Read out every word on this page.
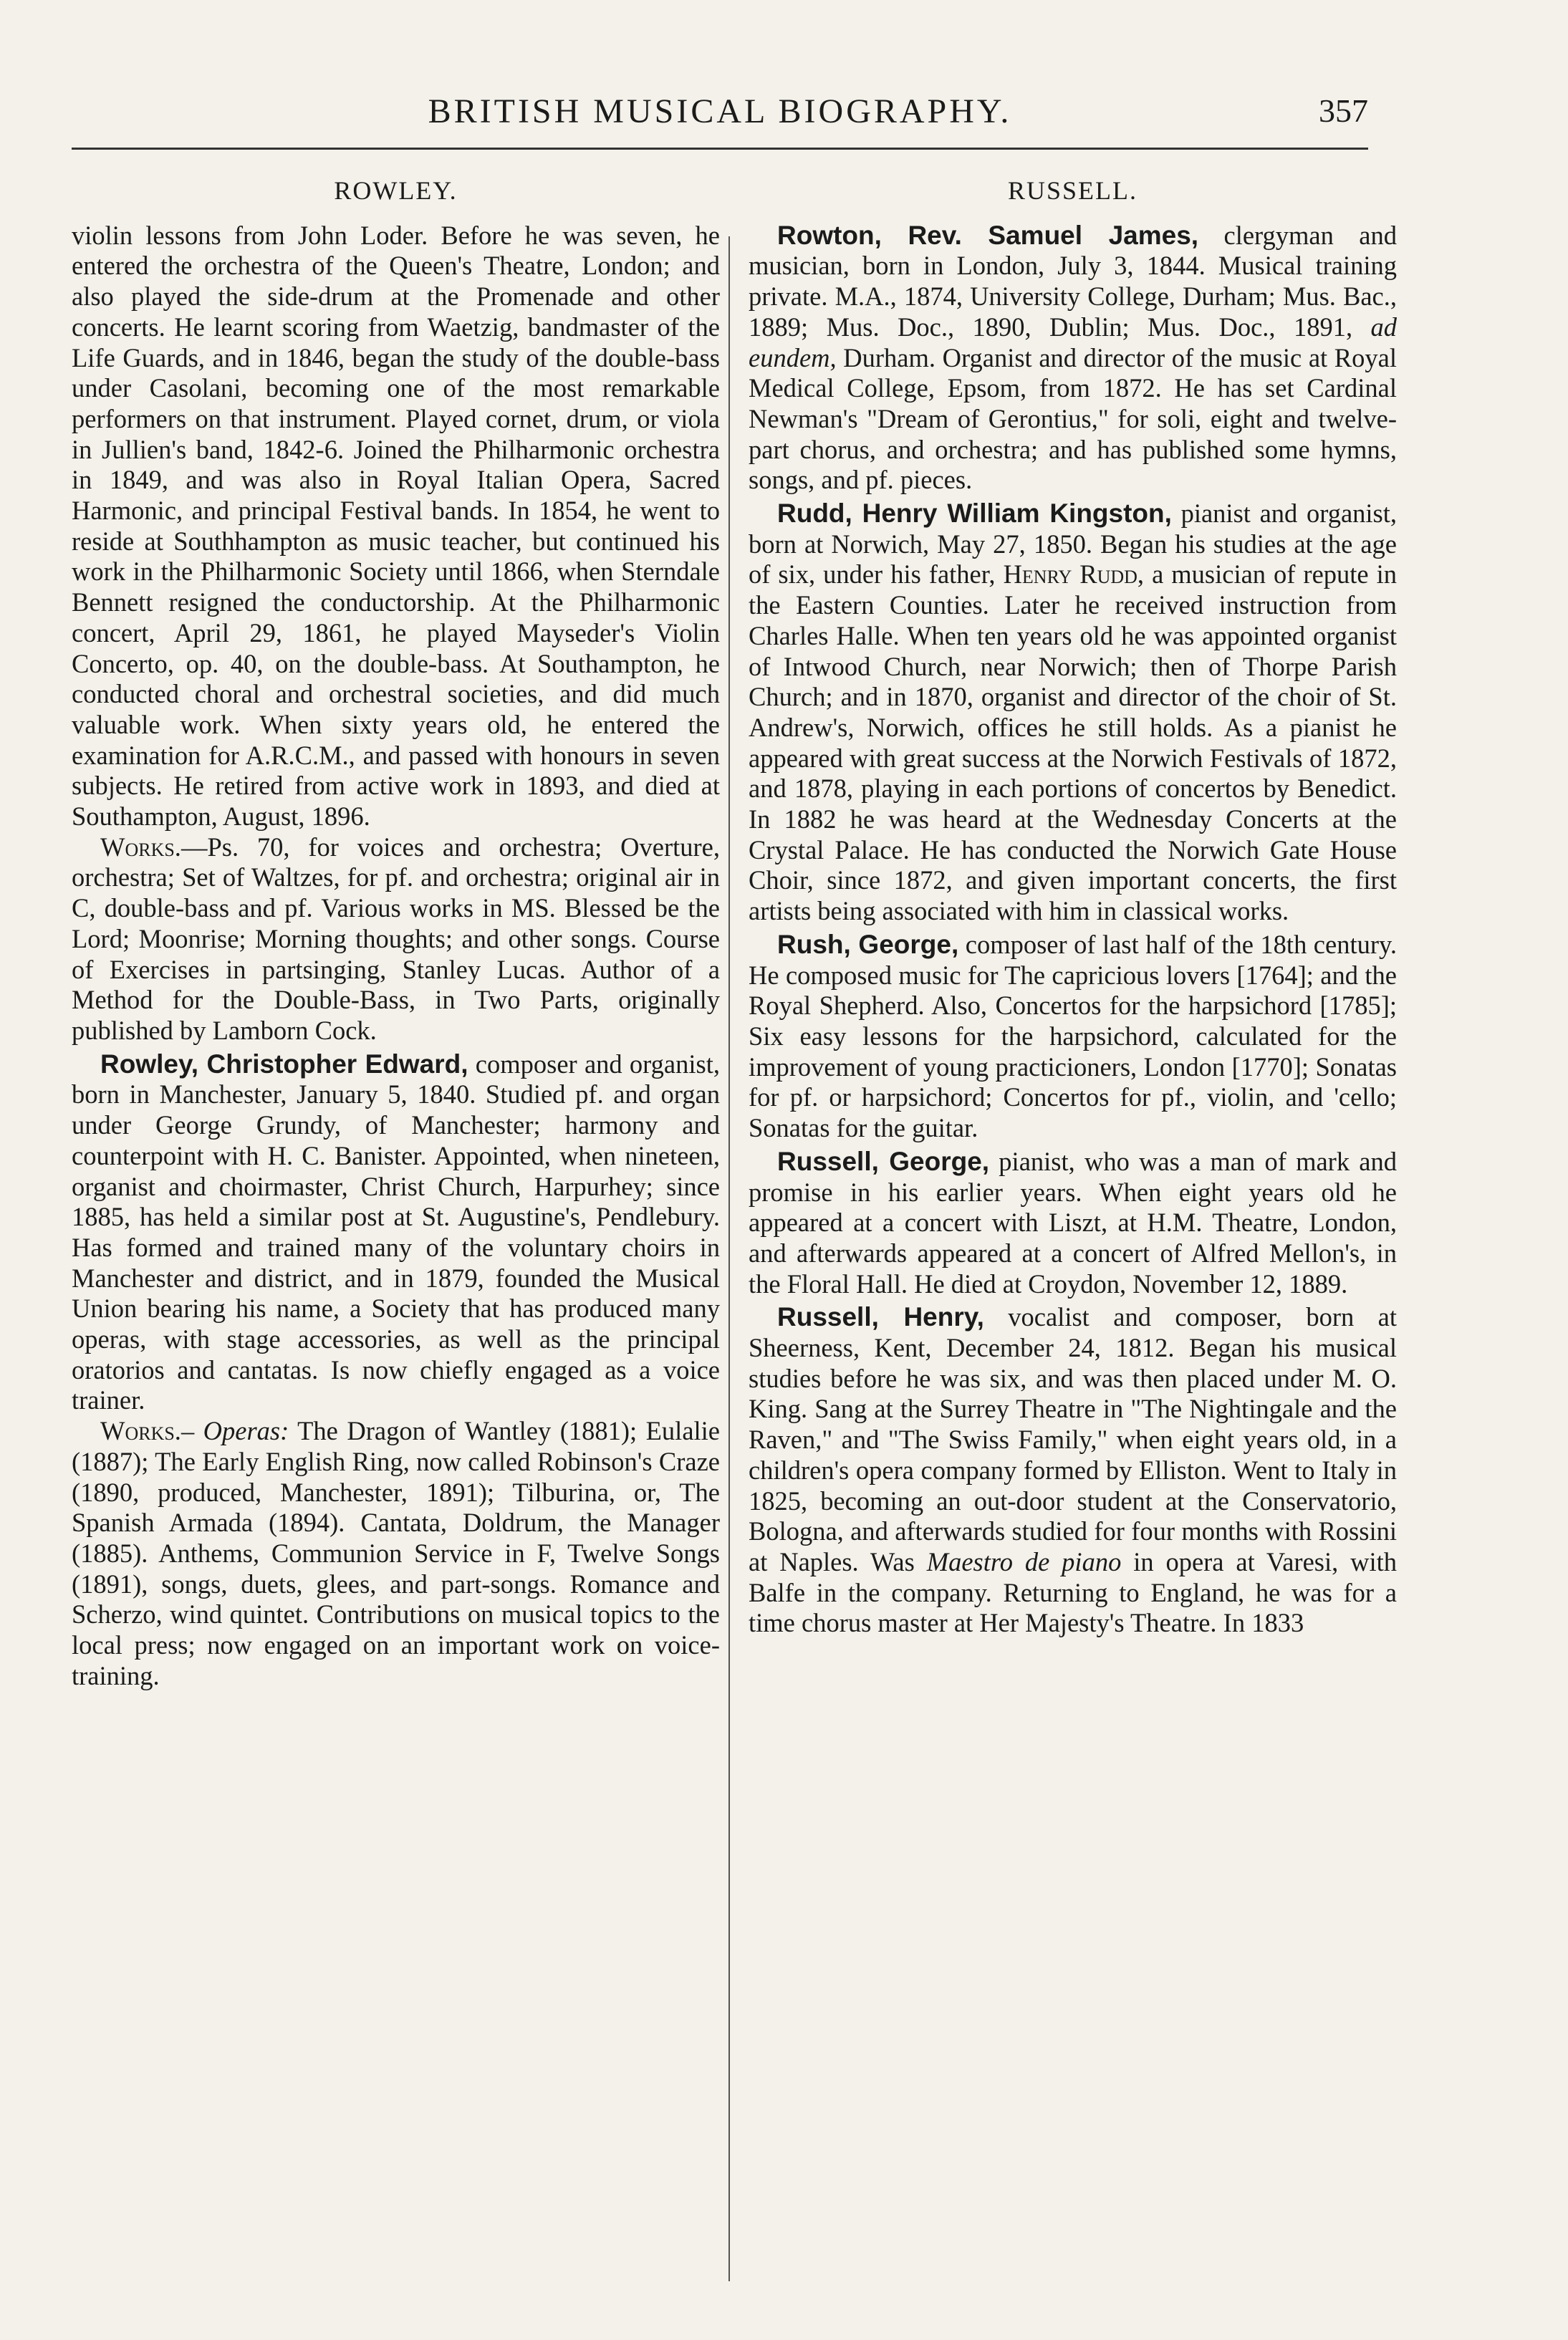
BRITISH MUSICAL BIOGRAPHY.	357
ROWLEY.

violin lessons from John Loder. Before he was seven, he entered the orchestra of the Queen's Theatre, London; and also played the side-drum at the Promenade and other concerts. He learnt scoring from Waetzig, bandmaster of the Life Guards, and in 1846, began the study of the double-bass under Casolani, becoming one of the most remarkable performers on that instrument. Played cornet, drum, or viola in Jullien's band, 1842-6. Joined the Philharmonic orchestra in 1849, and was also in Royal Italian Opera, Sacred Harmonic, and principal Festival bands. In 1854, he went to reside at Southhampton as music teacher, but continued his work in the Philharmonic Society until 1866, when Sterndale Bennett resigned the conductorship. At the Philharmonic concert, April 29, 1861, he played Mayseder's Violin Concerto, op. 40, on the double-bass. At Southampton, he conducted choral and orchestral societies, and did much valuable work. When sixty years old, he entered the examination for A.R.C.M., and passed with honours in seven subjects. He retired from active work in 1893, and died at Southampton, August, 1896.

Works.—Ps. 70, for voices and orchestra; Overture, orchestra; Set of Waltzes, for pf. and orchestra; original air in C, double-bass and pf. Various works in MS. Blessed be the Lord; Moonrise; Morning thoughts; and other songs. Course of Exercises in partsinging, Stanley Lucas. Author of a Method for the Double-Bass, in Two Parts, originally published by Lamborn Cock.

Rowley, Christopher Edward, composer and organist, born in Manchester, January 5, 1840. Studied pf. and organ under George Grundy, of Manchester; harmony and counterpoint with H. C. Banister. Appointed, when nineteen, organist and choirmaster, Christ Church, Harpurhey; since 1885, has held a similar post at St. Augustine's, Pendlebury. Has formed and trained many of the voluntary choirs in Manchester and district, and in 1879, founded the Musical Union bearing his name, a Society that has produced many operas, with stage accessories, as well as the principal oratorios and cantatas. Is now chiefly engaged as a voice trainer.

Works.– Operas: The Dragon of Wantley (1881); Eulalie (1887); The Early English Ring, now called Robinson's Craze (1890, produced, Manchester, 1891); Tilburina, or, The Spanish Armada (1894). Cantata, Doldrum, the Manager (1885). Anthems, Communion Service in F, Twelve Songs (1891), songs, duets, glees, and part-songs. Romance and Scherzo, wind quintet. Contributions on musical topics to the local press; now engaged on an important work on voice-training.

RUSSELL.

Rowton, Rev. Samuel James, clergyman and musician, born in London, July 3, 1844. Musical training private. M.A., 1874, University College, Durham; Mus. Bac., 1889; Mus. Doc., 1890, Dublin; Mus. Doc., 1891, ad eundem, Durham. Organist and director of the music at Royal Medical College, Epsom, from 1872. He has set Cardinal Newman's "Dream of Gerontius," for soli, eight and twelve-part chorus, and orchestra; and has published some hymns, songs, and pf. pieces.

Rudd, Henry William Kingston, pianist and organist, born at Norwich, May 27, 1850. Began his studies at the age of six, under his father, Henry Rudd, a musician of repute in the Eastern Counties. Later he received instruction from Charles Halle. When ten years old he was appointed organist of Intwood Church, near Norwich; then of Thorpe Parish Church; and in 1870, organist and director of the choir of St. Andrew's, Norwich, offices he still holds. As a pianist he appeared with great success at the Norwich Festivals of 1872, and 1878, playing in each portions of concertos by Benedict. In 1882 he was heard at the Wednesday Concerts at the Crystal Palace. He has conducted the Norwich Gate House Choir, since 1872, and given important concerts, the first artists being associated with him in classical works.

Rush, George, composer of last half of the 18th century. He composed music for The capricious lovers [1764]; and the Royal Shepherd. Also, Concertos for the harpsichord [1785]; Six easy lessons for the harpsichord, calculated for the improvement of young practicioners, London [1770]; Sonatas for pf. or harpsichord; Concertos for pf., violin, and 'cello; Sonatas for the guitar.

Russell, George, pianist, who was a man of mark and promise in his earlier years. When eight years old he appeared at a concert with Liszt, at H.M. Theatre, London, and afterwards appeared at a concert of Alfred Mellon's, in the Floral Hall. He died at Croydon, November 12, 1889.

Russell, Henry, vocalist and composer, born at Sheerness, Kent, December 24, 1812. Began his musical studies before he was six, and was then placed under M. O. King. Sang at the Surrey Theatre in "The Nightingale and the Raven," and "The Swiss Family," when eight years old, in a children's opera company formed by Elliston. Went to Italy in 1825, becoming an out-door student at the Conservatorio, Bologna, and afterwards studied for four months with Rossini at Naples. Was Maestro de piano in opera at Varesi, with Balfe in the company. Returning to England, he was for a time chorus master at Her Majesty's Theatre. In 1833
